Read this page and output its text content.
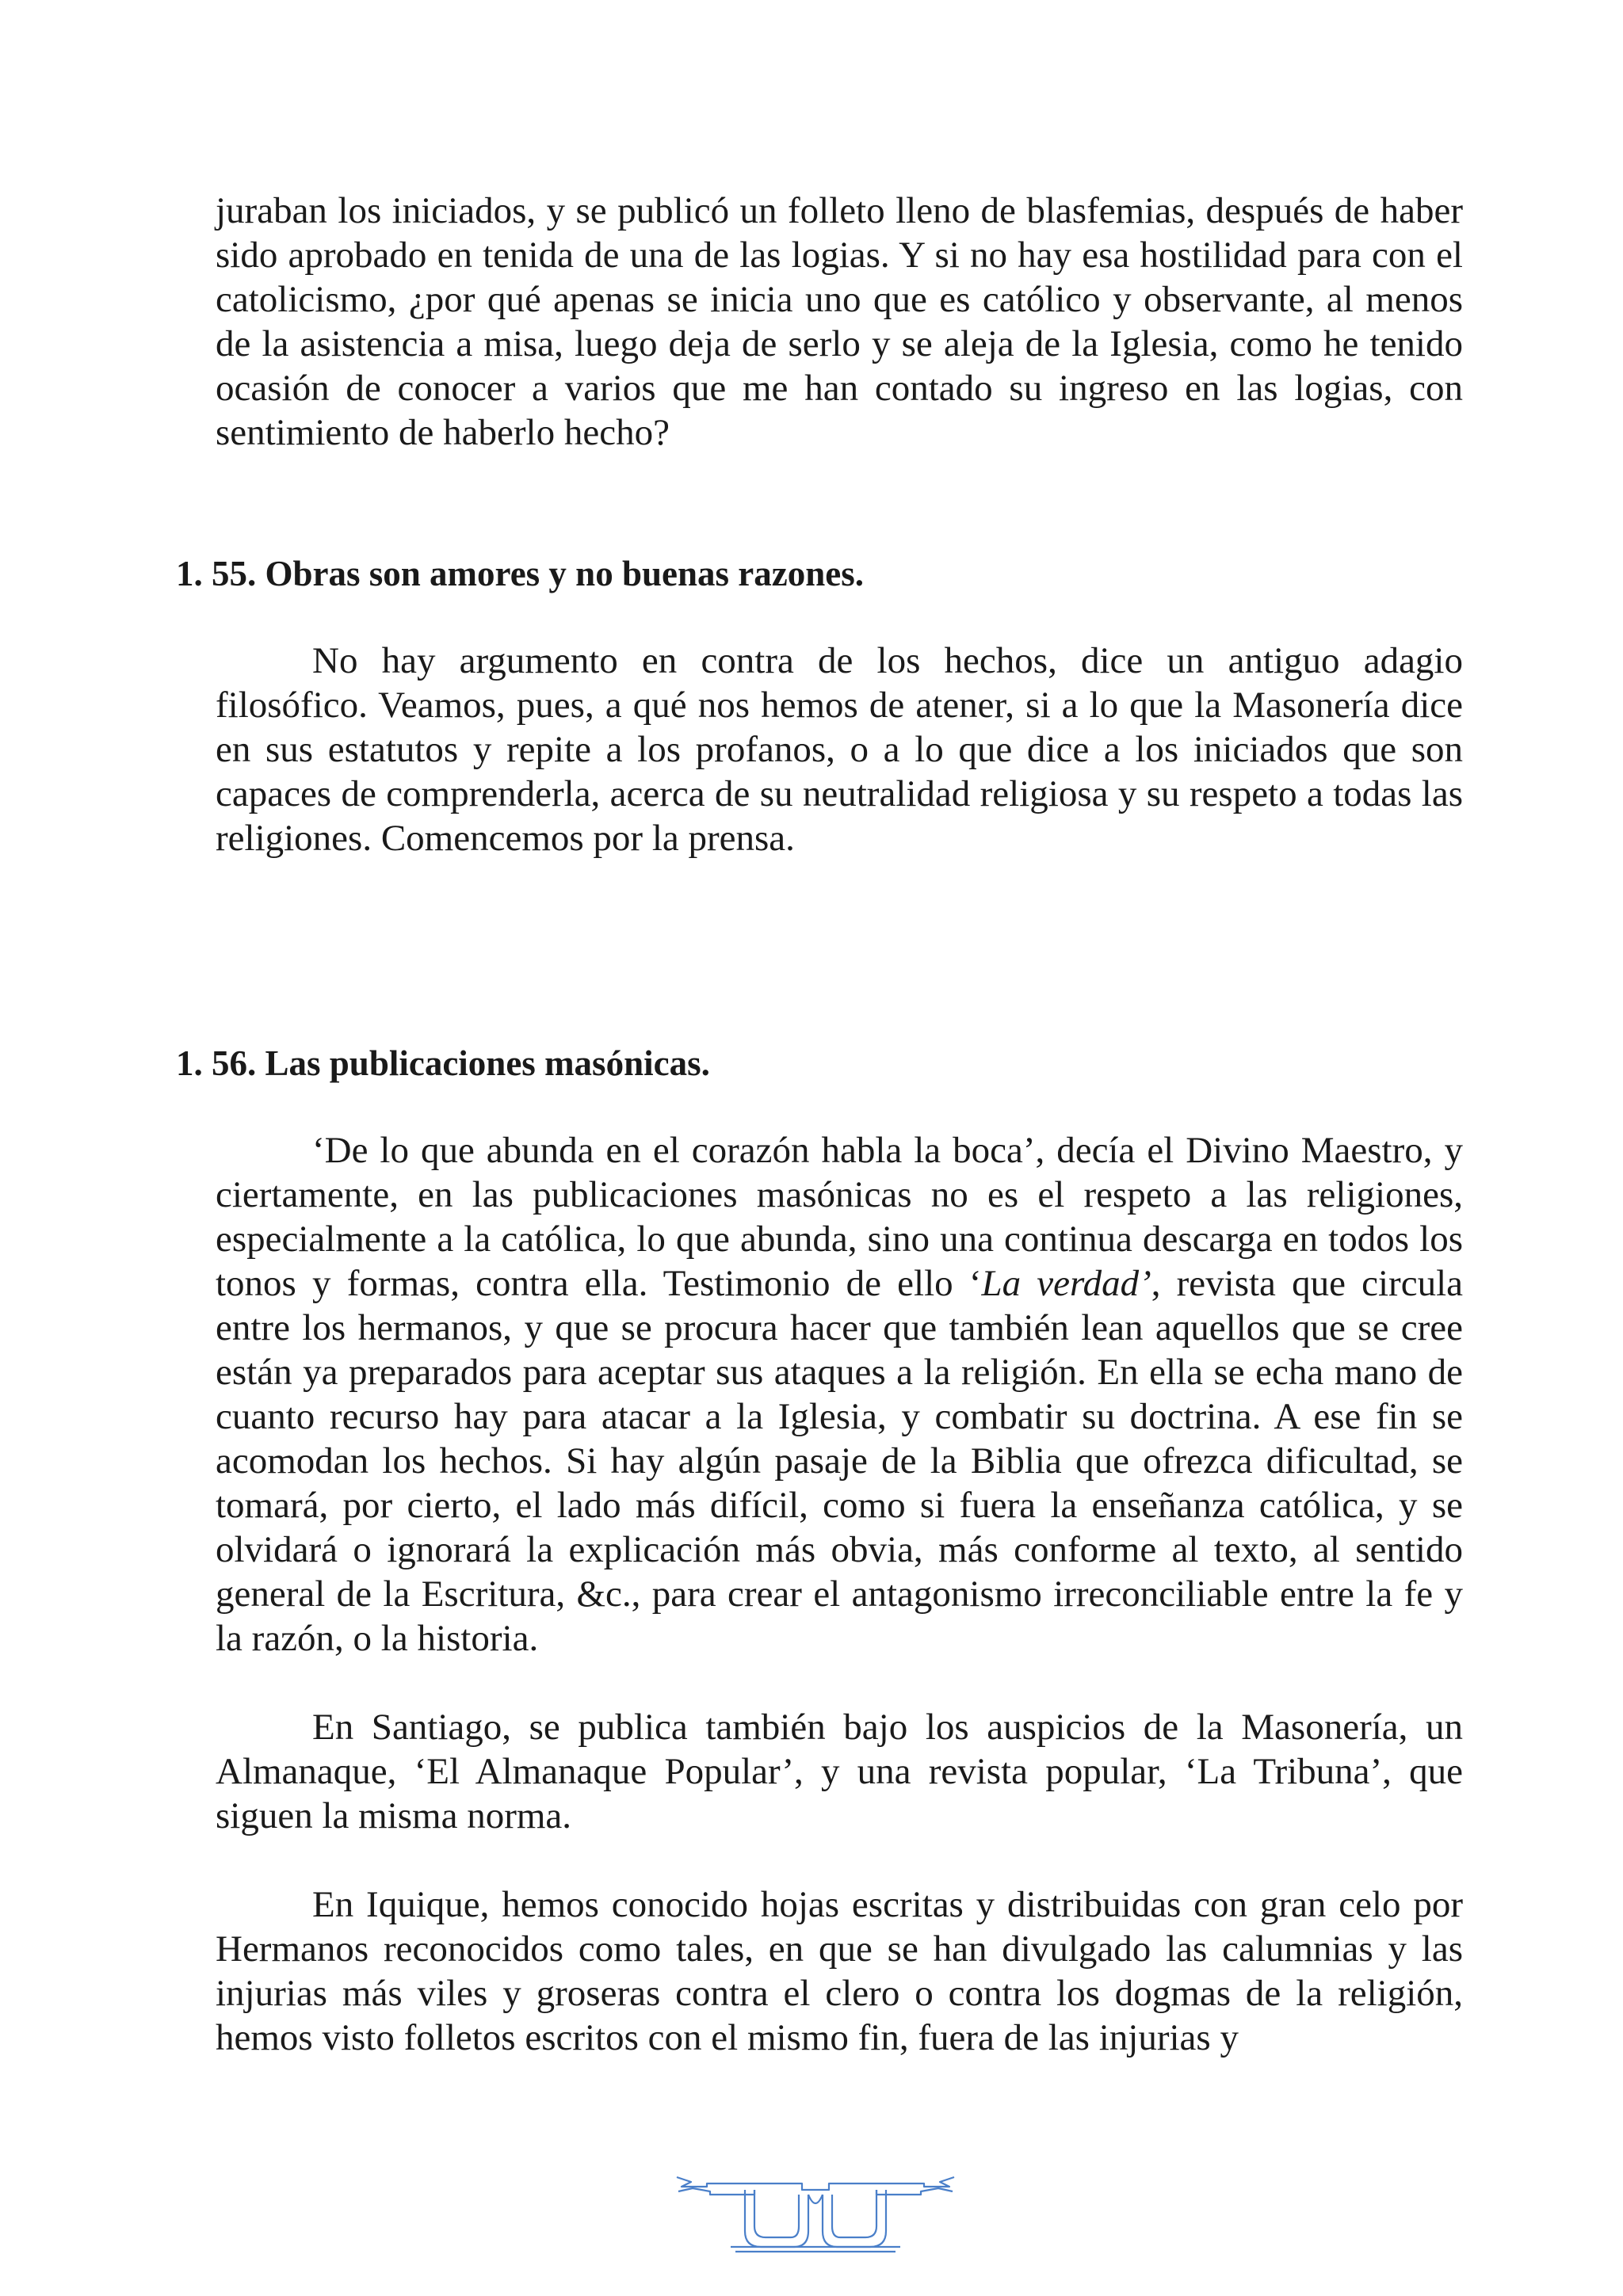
juraban los iniciados, y se publicó un folleto lleno de blasfemias, después de haber sido aprobado en tenida de una de las logias. Y si no hay esa hostilidad para con el catolicismo, ¿por qué apenas se inicia uno que es católico y observante, al menos de la asistencia a misa, luego deja de serlo y se aleja de la Iglesia, como he tenido ocasión de conocer a varios que me han contado su ingreso en las logias, con sentimiento de haberlo hecho?

1. 55. Obras son amores y no buenas razones.

No hay argumento en contra de los hechos, dice un antiguo adagio filosófico. Veamos, pues, a qué nos hemos de atener, si a lo que la Masonería dice en sus estatutos y repite a los profanos, o a lo que dice a los iniciados que son capaces de comprenderla, acerca de su neutralidad religiosa y su respeto a todas las religiones. Comencemos por la prensa.

1. 56. Las publicaciones masónicas.

‘De lo que abunda en el corazón habla la boca’, decía el Divino Maestro, y ciertamente, en las publicaciones masónicas no es el respeto a las religiones, especialmente a la católica, lo que abunda, sino una continua descarga en todos los tonos y formas, contra ella. Testimonio de ello ‘La verdad’, revista que circula entre los hermanos, y que se procura hacer que también lean aquellos que se cree están ya preparados para aceptar sus ataques a la religión. En ella se echa mano de cuanto recurso hay para atacar a la Iglesia, y combatir su doctrina. A ese fin se acomodan los hechos. Si hay algún pasaje de la Biblia que ofrezca dificultad, se tomará, por cierto, el lado más difícil, como si fuera la enseñanza católica, y se olvidará o ignorará la explicación más obvia, más conforme al texto, al sentido general de la Escritura, &c., para crear el antagonismo irreconciliable entre la fe y la razón, o la historia.

En Santiago, se publica también bajo los auspicios de la Masonería, un Almanaque, ‘El Almanaque Popular’, y una revista popular, ‘La Tribuna’, que siguen la misma norma.

En Iquique, hemos conocido hojas escritas y distribuidas con gran celo por Hermanos reconocidos como tales, en que se han divulgado las calumnias y las injurias más viles y groseras contra el clero o contra los dogmas de la religión, hemos visto folletos escritos con el mismo fin, fuera de las injurias y
